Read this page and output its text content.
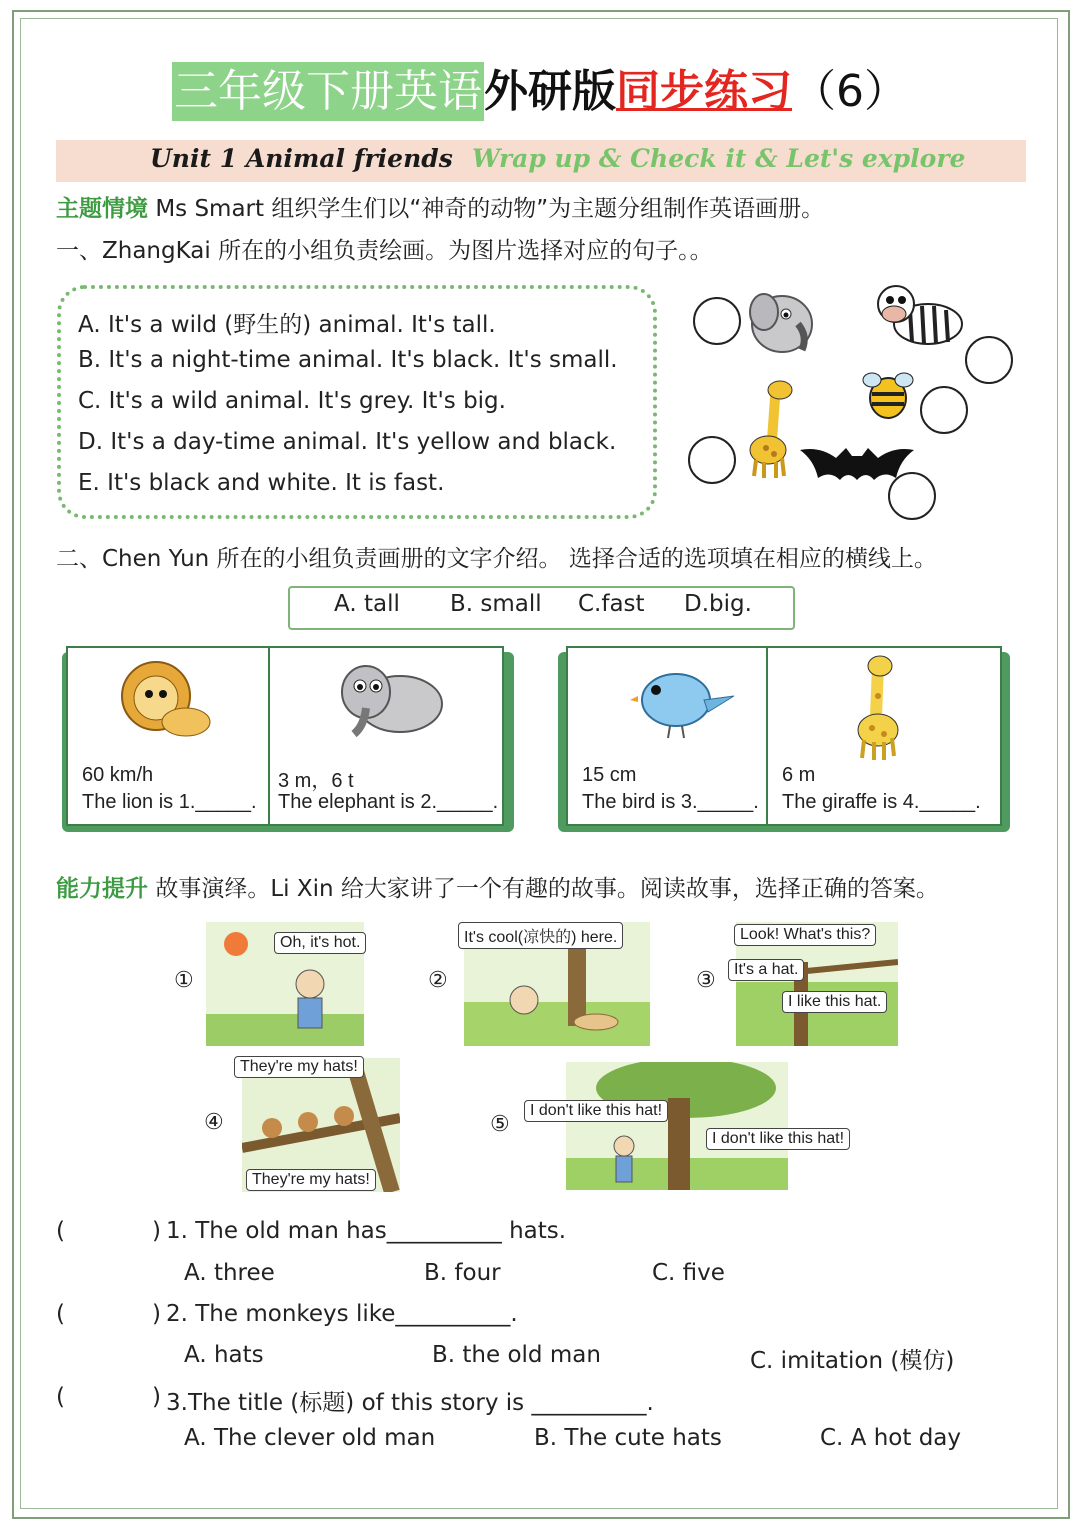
三年级下册英语外研版同步练习（6）
Unit 1 Animal friends Wrap up & Check it & Let's explore
主题情境 Ms Smart 组织学生们以“神奇的动物”为主题分组制作英语画册。
一、ZhangKai 所在的小组负责绘画。为图片选择对应的句子。。
A. It's a wild (野生的) animal. It's tall.
B. It's a night-time animal. It's black. It's small.
C. It's a wild animal. It's grey. It's big.
D. It's a day-time animal. It's yellow and black.
E. It's black and white. It is fast.
二、Chen Yun 所在的小组负责画册的文字介绍。 选择合适的选项填在相应的横线上。
A. tall B. small C.fast D.big.
60 km/h
The lion is 1._____.
3 m，6 t
The elephant is 2._____.
15 cm
The bird is 3._____.
6 m
The giraffe is 4._____.
能力提升 故事演绎。Li Xin 给大家讲了一个有趣的故事。阅读故事，选择正确的答案。
①
Oh, it's hot.
②
It's cool(凉快的) here.
③
Look! What's this?
It's a hat.
I like this hat.
④
They're my hats!
They're my hats!
⑤
I don't like this hat!
I don't like this hat!
(	) 1. The old man has__________ hats.
A. three	B. four	C. five
(	) 2. The monkeys like__________.
A. hats	B. the old man	C. imitation (模仿)
(	) 3.The title (标题) of this story is __________.
A. The clever old man	B. The cute hats	C. A hot day
